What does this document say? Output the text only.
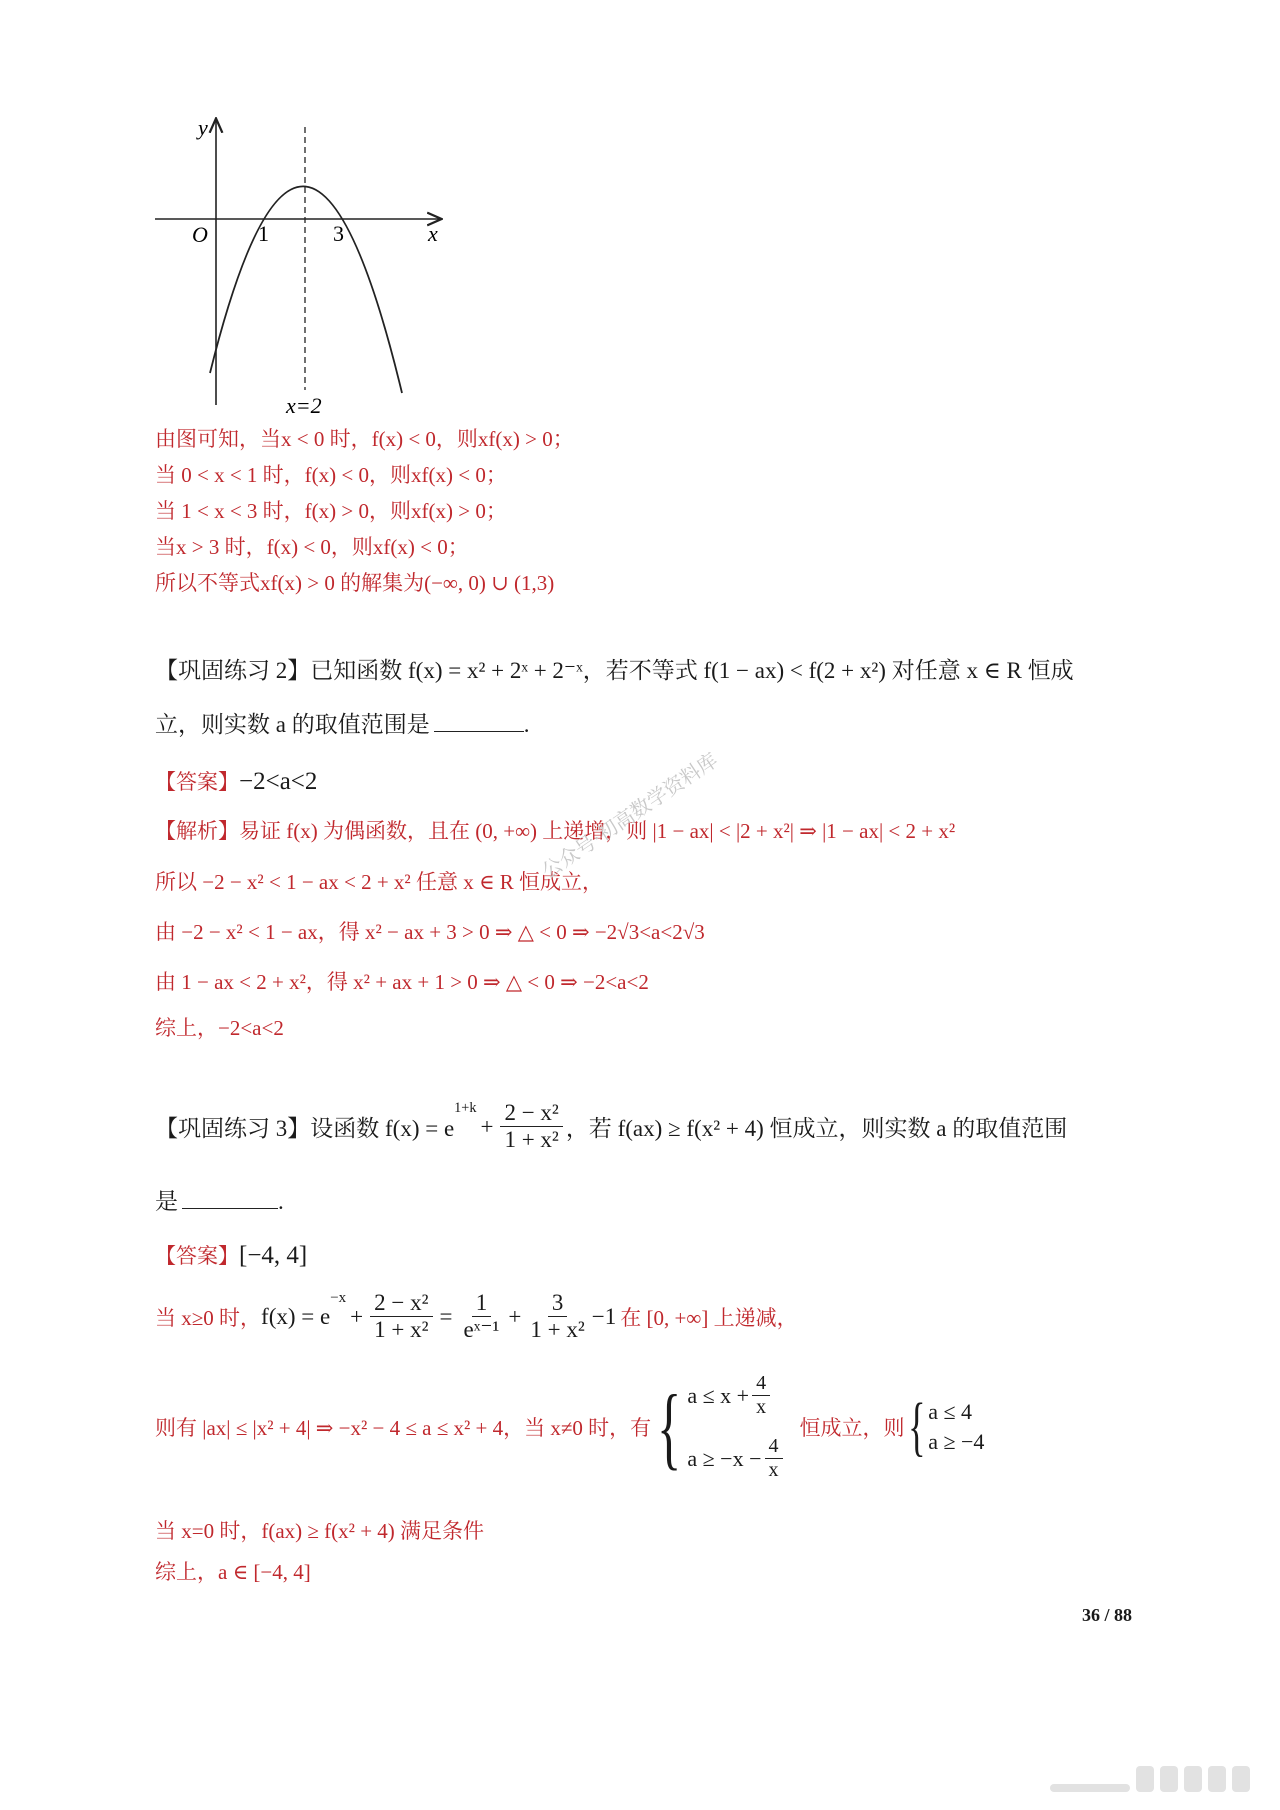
y
O	x
1	3
x=2
由图可知，当x < 0 时，f(x) < 0，则xf(x) > 0；
当 0 < x < 1 时，f(x) < 0，则xf(x) < 0；
当 1 < x < 3 时，f(x) > 0，则xf(x) > 0；
当x > 3 时，f(x) < 0，则xf(x) < 0；
所以不等式xf(x) > 0 的解集为(−∞, 0) ∪ (1,3)
【巩固练习 2】已知函数 f(x) = x² + 2ˣ + 2⁻ˣ，若不等式 f(1 − ax) < f(2 + x²) 对任意 x ∈ R 恒成
立，则实数 a 的取值范围是	.
【答案】−2<a<2
【解析】易证 f(x) 为偶函数，且在 (0, +∞) 上递增，则 |1 − ax| < |2 + x²| ⇒ |1 − ax| < 2 + x²
所以 −2 − x² < 1 − ax < 2 + x² 任意 x ∈ R 恒成立，
由 −2 − x² < 1 − ax，得 x² − ax + 3 > 0 ⇒ △ < 0 ⇒ −2√3<a<2√3
由 1 − ax < 2 + x²，得 x² + ax + 1 > 0 ⇒ △ < 0 ⇒ −2<a<2
综上，−2<a<2
【巩固练习 3】 设函数 f(x) = e
$^{1+k}$
+ $\frac{\text{2 − x²}}{\text{1 + x²}}$ ，若 f(ax) ≥ f(x² + 4) 恒成立，则实数 a 的取值范围
是	.
【答案】[−4, 4]
当 x≥0 时， f(x) = e
$^{-x}$
+ $\frac{\text{2 − x²}}{\text{1 + x²}} = \frac{1}{\text{eˣ⁻¹}} + \frac{3}{\text{1 + x²}} -1$ 在 [0, +∞] 上递减，
则有 |ax| ≤ |x² + 4| ⇒ −x² − 4 ≤ a ≤ x² + 4，当 x≠0 时，有 { $a \le x + \frac{4}{x}$
$a \ge -x - \frac{4}{x}$
恒成立，则 { a ≤ 4
a ≥ −4
当 x=0 时，f(ax) ≥ f(x² + 4) 满足条件
综上，a ∈ [−4, 4]
36 / 88
公众号·初高数学资料库
